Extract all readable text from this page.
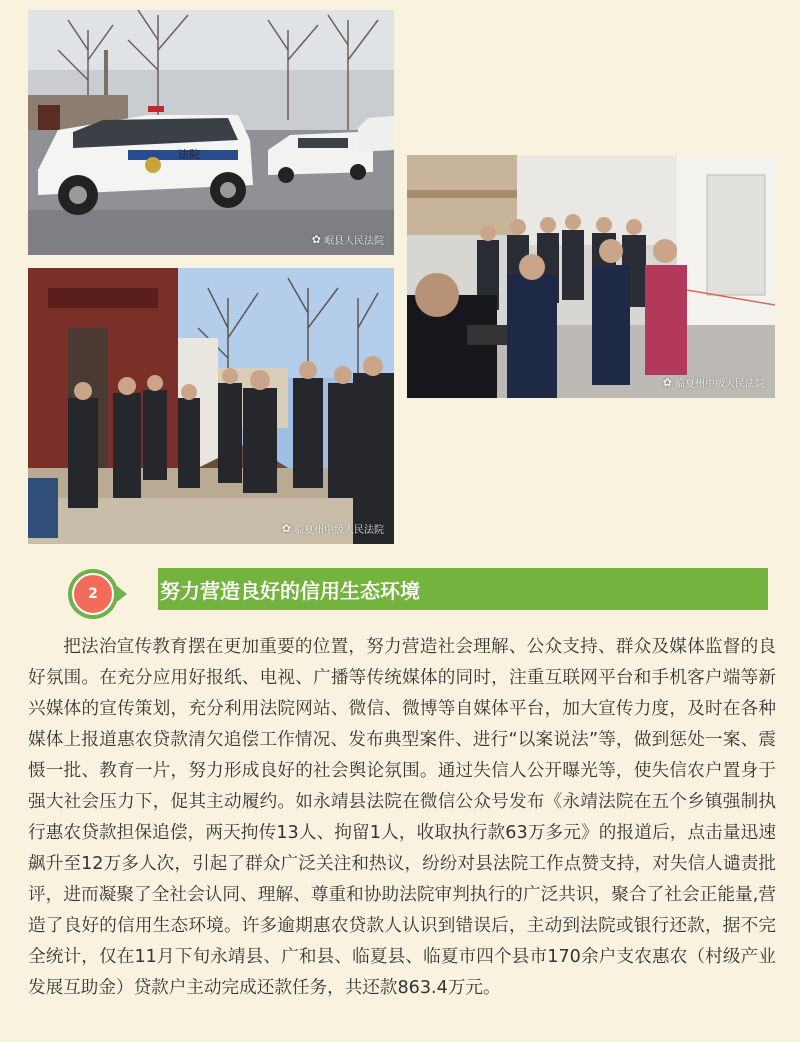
法院
✿ 岷县人民法院
✿ 临夏州中级人民法院
✿ 临夏州中级人民法院
2	努力营造良好的信用生态环境

把法治宣传教育摆在更加重要的位置，努力营造社会理解、公众支持、群众及媒体监督的良好氛围。在充分应用好报纸、电视、广播等传统媒体的同时，注重互联网平台和手机客户端等新兴媒体的宣传策划，充分利用法院网站、微信、微博等自媒体平台，加大宣传力度，及时在各种媒体上报道惠农贷款清欠追偿工作情况、发布典型案件、进行“以案说法”等，做到惩处一案、震慑一批、教育一片，努力形成良好的社会舆论氛围。通过失信人公开曝光等，使失信农户置身于强大社会压力下，促其主动履约。如永靖县法院在微信公众号发布《永靖法院在五个乡镇强制执行惠农贷款担保追偿，两天拘传13人、拘留1人，收取执行款63万多元》的报道后，点击量迅速飙升至12万多人次，引起了群众广泛关注和热议，纷纷对县法院工作点赞支持，对失信人谴责批评，进而凝聚了全社会认同、理解、尊重和协助法院审判执行的广泛共识，聚合了社会正能量,营造了良好的信用生态环境。许多逾期惠农贷款人认识到错误后，主动到法院或银行还款，据不完全统计，仅在11月下旬永靖县、广和县、临夏县、临夏市四个县市170余户支农惠农（村级产业发展互助金）贷款户主动完成还款任务，共还款863.4万元。
